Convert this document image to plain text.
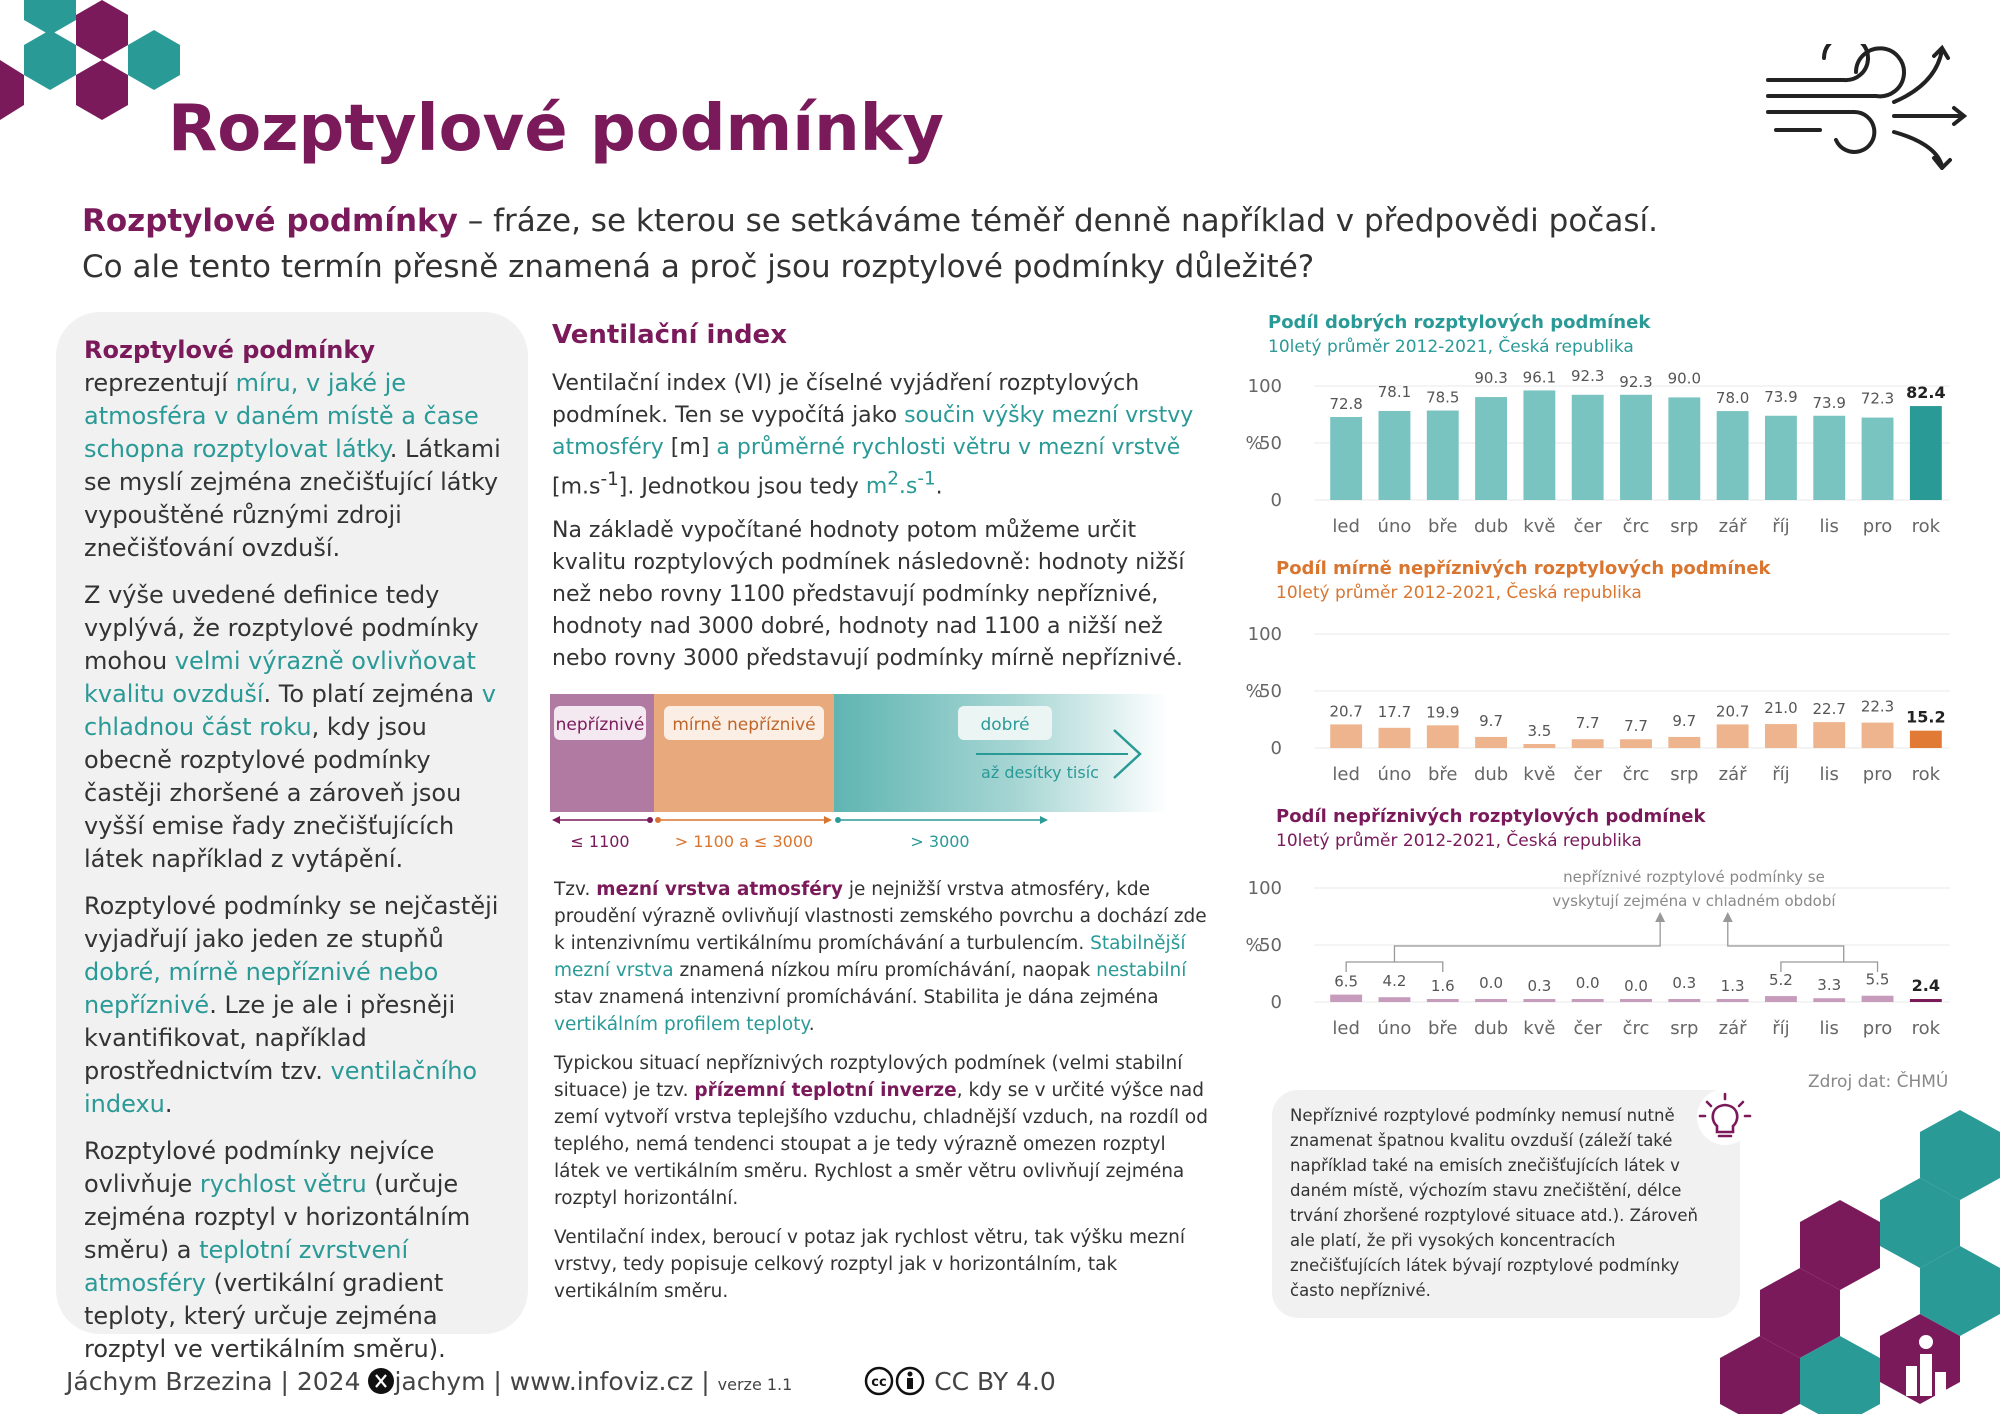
Rozptylové podmínky
Rozptylové podmínky – fráze, se kterou se setkáváme téměř denně například v předpovědi počasí.
Co ale tento termín přesně znamená a proč jsou rozptylové podmínky důležité?

Rozptylové podmínky reprezentují míru, v jaké je atmosféra v daném místě a čase schopna rozptylovat látky. Látkami se myslí zejména znečišťující látky vypouštěné různými zdroji znečišťování ovzduší.

Z výše uvedené definice tedy vyplývá, že rozptylové podmínky mohou velmi výrazně ovlivňovat kvalitu ovzduší. To platí zejména v chladnou část roku, kdy jsou obecně rozptylové podmínky častěji zhoršené a zároveň jsou vyšší emise řady znečišťujících látek například z vytápění.

Rozptylové podmínky se nejčastěji vyjadřují jako jeden ze stupňů dobré, mírně nepříznivé nebo nepříznivé. Lze je ale i přesněji kvantifikovat, například prostřednictvím tzv. ventilačního indexu.

Rozptylové podmínky nejvíce ovlivňuje rychlost větru (určuje zejména rozptyl v horizontálním směru) a teplotní zvrstvení atmosféry (vertikální gradient teploty, který určuje zejména rozptyl ve vertikálním směru).

Ventilační index

Ventilační index (VI) je číselné vyjádření rozptylových podmínek. Ten se vypočítá jako součin výšky mezní vrstvy atmosféry [m] a průměrné rychlosti větru v mezní vrstvě $[m.s^{-1}]$. Jednotkou jsou tedy $m^2.s^{-1}$.

Na základě vypočítané hodnoty potom můžeme určit kvalitu rozptylových podmínek následovně: hodnoty nižší než nebo rovny 1100 představují podmínky nepříznivé, hodnoty nad 3000 dobré, hodnoty nad 1100 a nižší než nebo rovny 3000 představují podmínky mírně nepříznivé.

nepříznivé mírně nepříznivé	dobré
až desítky tisíc
≤ 1100	> 1100 a ≤ 3000	> 3000

Tzv. mezní vrstva atmosféry je nejnižší vrstva atmosféry, kde proudění výrazně ovlivňují vlastnosti zemského povrchu a dochází zde k intenzivnímu vertikálnímu promíchávání a turbulencím. Stabilnější mezní vrstva znamená nízkou míru promíchávání, naopak nestabilní stav znamená intenzivní promíchávání. Stabilita je dána zejména vertikálním profilem teploty.

Typickou situací nepříznivých rozptylových podmínek (velmi stabilní situace) je tzv. přízemní teplotní inverze, kdy se v určité výšce nad zemí vytvoří vrstva teplejšího vzduchu, chladnější vzduch, na rozdíl od teplého, nemá tendenci stoupat a je tedy výrazně omezen rozptyl látek ve vertikálním směru. Rychlost a směr větru ovlivňují zejména rozptyl horizontální.

Ventilační index, beroucí v potaz jak rychlost větru, tak výšku mezní vrstvy, tedy popisuje celkový rozptyl jak v horizontálním, tak vertikálním směru.

Podíl dobrých rozptylových podmínek

10letý průměr 2012-2021, Česká republika

0
50
100
%
72.8
led
78.1
úno
78.5
bře
90.3
dub
96.1
kvě
92.3
čer
92.3
črc
90.0
srp
78.0
zář
73.9
říj
73.9
lis
72.3
pro
82.4
rok

Podíl mírně nepříznivých rozptylových podmínek

10letý průměr 2012-2021, Česká republika

0
50
100
%
20.7
led
17.7
úno
19.9
bře
9.7
dub
3.5
kvě
7.7
čer
7.7
črc
9.7
srp
20.7
zář
21.0
říj
22.7
lis
22.3
pro
15.2
rok

Podíl nepříznivých rozptylových podmínek

10letý průměr 2012-2021, Česká republika

0
50
100
%
6.5
led
4.2
úno
1.6
bře
0.0
dub
0.3
kvě
0.0
čer
0.0
črc
0.3
srp
1.3
zář
5.2
říj
3.3
lis
5.5
pro
2.4
rok
nepříznivé rozptylové podmínky se
vyskytují zejména v chladném období
Zdroj dat: ČHMÚ
Nepříznivé rozptylové podmínky nemusí nutně znamenat špatnou kvalitu ovzduší (záleží také například také na emisích znečišťujících látek v daném místě, výchozím stavu znečištění, délce trvání zhoršené rozptylové situace atd.). Zároveň ale platí, že při vysokých koncentracích znečišťujících látek bývají rozptylové podmínky často nepříznivé.
Jáchym Brzezina | 2024 jachym | www.infoviz.cz | verze 1.1	cc CC BY 4.0
